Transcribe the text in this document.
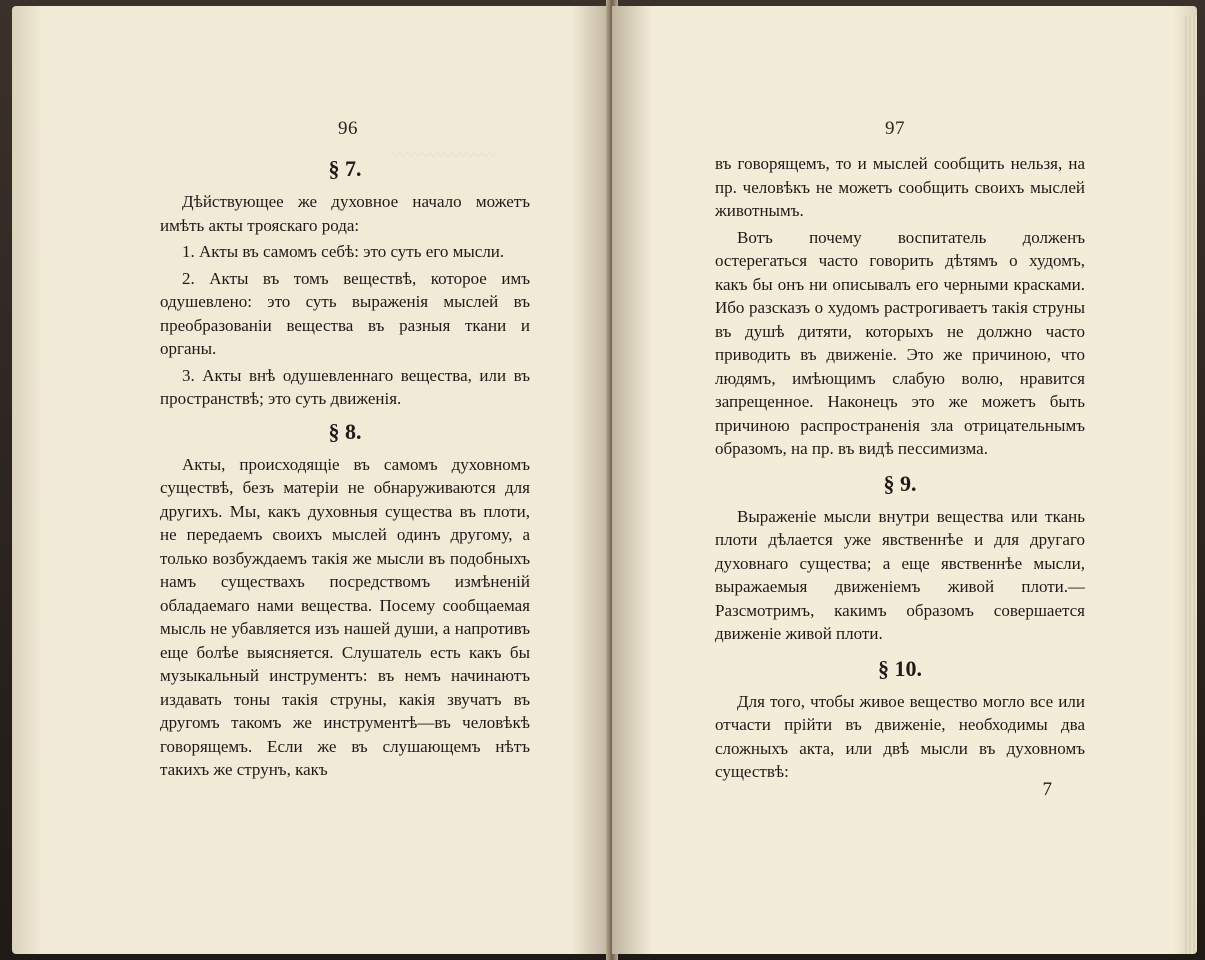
〰〰〰〰〰〰〰
96
§ 7.

Дѣйствующее же духовное начало можетъ имѣть акты трояскаго рода:

1. Акты въ самомъ себѣ: это суть его мысли.

2. Акты въ томъ веществѣ, которое имъ одушевлено: это суть выраженія мыслей въ преобразованіи вещества въ разныя ткани и органы.

3. Акты внѣ одушевленнаго вещества, или въ пространствѣ; это суть движенія.

§ 8.

Акты, происходящіе въ самомъ духовномъ существѣ, безъ матеріи не обнаруживаются для другихъ. Мы, какъ духовныя существа въ плоти, не передаемъ своихъ мыслей одинъ другому, а только возбуждаемъ такія же мысли въ подобныхъ намъ существахъ посредствомъ измѣненій обладаемаго нами вещества. Посему сообщаемая мысль не убавляется изъ нашей души, а напротивъ еще болѣе выясняется. Слушатель есть какъ бы музыкальный инструментъ: въ немъ начинаютъ издавать тоны такія струны, какія звучатъ въ другомъ такомъ же инструментѣ—въ человѣкѣ говорящемъ. Если же въ слушающемъ нѣтъ такихъ же струнъ, какъ

97

въ говорящемъ, то и мыслей сообщить нельзя, на пр. человѣкъ не можетъ сообщить своихъ мыслей животнымъ.

Вотъ почему воспитатель долженъ остерегаться часто говорить дѣтямъ о худомъ, какъ бы онъ ни описывалъ его черными красками. Ибо разсказъ о худомъ растрогиваетъ такія струны въ душѣ дитяти, которыхъ не должно часто приводить въ движеніе. Это же причиною, что людямъ, имѣющимъ слабую волю, нравится запрещенное. Наконецъ это же можетъ быть причиною распространенія зла отрицательнымъ образомъ, на пр. въ видѣ пессимизма.

§ 9.

Выраженіе мысли внутри вещества или ткань плоти дѣлается уже явственнѣе и для другаго духовнаго существа; а еще явственнѣе мысли, выражаемыя движеніемъ живой плоти.—Разсмотримъ, какимъ образомъ совершается движеніе живой плоти.

§ 10.

Для того, чтобы живое вещество могло все или отчасти прійти въ движеніе, необходимы два сложныхъ акта, или двѣ мысли въ духовномъ существѣ:

7
